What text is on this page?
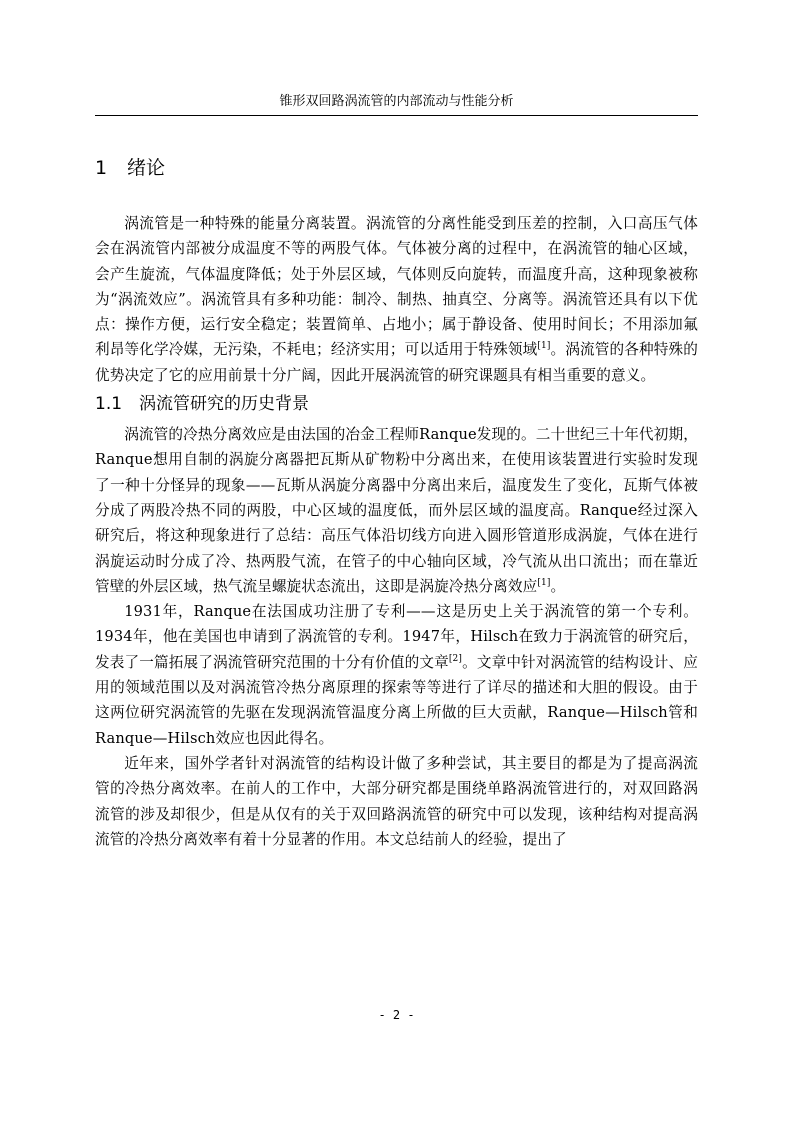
锥形双回路涡流管的内部流动与性能分析
1 绪论

涡流管是一种特殊的能量分离装置。涡流管的分离性能受到压差的控制，入口高压气体会在涡流管内部被分成温度不等的两股气体。气体被分离的过程中，在涡流管的轴心区域，会产生旋流，气体温度降低；处于外层区域，气体则反向旋转，而温度升高，这种现象被称为“涡流效应”。涡流管具有多种功能：制冷、制热、抽真空、分离等。涡流管还具有以下优点：操作方便，运行安全稳定；装置简单、占地小；属于静设备、使用时间长；不用添加氟利昂等化学冷媒，无污染，不耗电；经济实用；可以适用于特殊领域[1]。涡流管的各种特殊的优势决定了它的应用前景十分广阔，因此开展涡流管的研究课题具有相当重要的意义。

1.1 涡流管研究的历史背景

涡流管的冷热分离效应是由法国的冶金工程师Ranque发现的。二十世纪三十年代初期，Ranque想用自制的涡旋分离器把瓦斯从矿物粉中分离出来，在使用该装置进行实验时发现了一种十分怪异的现象——瓦斯从涡旋分离器中分离出来后，温度发生了变化，瓦斯气体被分成了两股冷热不同的两股，中心区域的温度低，而外层区域的温度高。Ranque经过深入研究后，将这种现象进行了总结：高压气体沿切线方向进入圆形管道形成涡旋，气体在进行涡旋运动时分成了冷、热两股气流，在管子的中心轴向区域，冷气流从出口流出；而在靠近管壁的外层区域，热气流呈螺旋状态流出，这即是涡旋冷热分离效应[1]。

1931年，Ranque在法国成功注册了专利——这是历史上关于涡流管的第一个专利。1934年，他在美国也申请到了涡流管的专利。1947年，Hilsch在致力于涡流管的研究后，发表了一篇拓展了涡流管研究范围的十分有价值的文章[2]。文章中针对涡流管的结构设计、应用的领域范围以及对涡流管冷热分离原理的探索等等进行了详尽的描述和大胆的假设。由于这两位研究涡流管的先驱在发现涡流管温度分离上所做的巨大贡献，Ranque—Hilsch管和Ranque—Hilsch效应也因此得名。

近年来，国外学者针对涡流管的结构设计做了多种尝试，其主要目的都是为了提高涡流管的冷热分离效率。在前人的工作中，大部分研究都是围绕单路涡流管进行的，对双回路涡流管的涉及却很少，但是从仅有的关于双回路涡流管的研究中可以发现，该种结构对提高涡流管的冷热分离效率有着十分显著的作用。本文总结前人的经验，提出了

- 2 -
